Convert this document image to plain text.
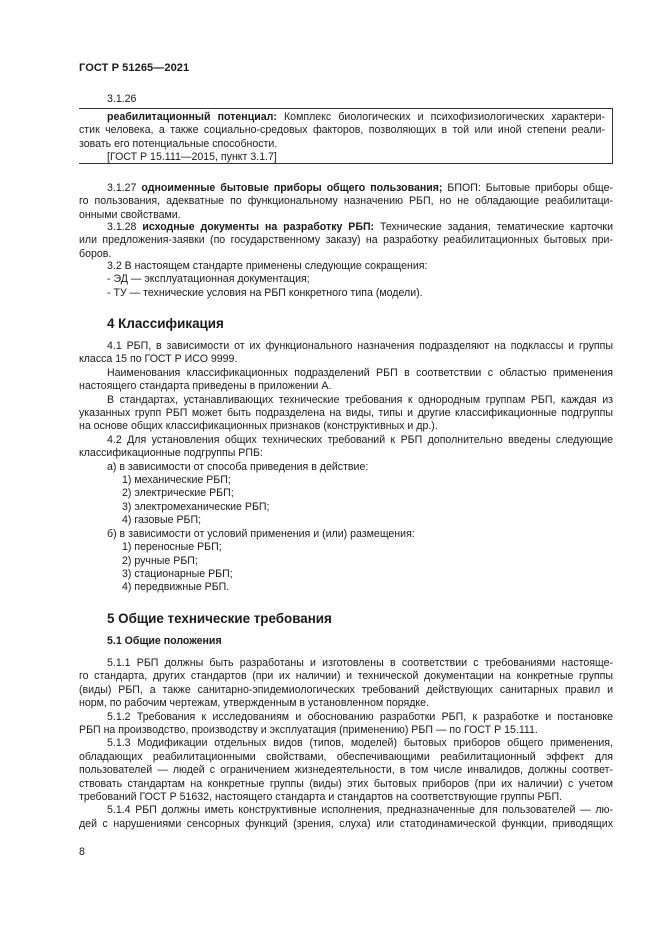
ГОСТ Р 51265—2021
3.1.26
реабилитационный потенциал: Комплекс биологических и психофизиологических характери-
стик человека, а также социально-средовых факторов, позволяющих в той или иной степени реали-
зовать его потенциальные способности.
[ГОСТ Р 15.111—2015, пункт 3.1.7]
3.1.27 одноименные бытовые приборы общего пользования; БПОП: Бытовые приборы обще-
го пользования, адекватные по функциональному назначению РБП, но не обладающие реабилитаци-
онными свойствами.
3.1.28 исходные документы на разработку РБП: Технические задания, тематические карточки
или предложения-заявки (по государственному заказу) на разработку реабилитационных бытовых при-
боров.
3.2 В настоящем стандарте применены следующие сокращения:
- ЭД — эксплуатационная документация;
- ТУ — технические условия на РБП конкретного типа (модели).
4 Классификация
4.1 РБП, в зависимости от их функционального назначения подразделяют на подклассы и группы
класса 15 по ГОСТ Р ИСО 9999.
Наименования классификационных подразделений РБП в соответствии с областью применения
настоящего стандарта приведены в приложении А.
В стандартах, устанавливающих технические требования к однородным группам РБП, каждая из
указанных групп РБП может быть подразделена на виды, типы и другие классификационные подгруппы
на основе общих классификационных признаков (конструктивных и др.).
4.2 Для установления общих технических требований к РБП дополнительно введены следующие
классификационные подгруппы РПБ:
а) в зависимости от способа приведения в действие:
1) механические РБП;
2) электрические РБП;
3) электромеханические РБП;
4) газовые РБП;
б) в зависимости от условий применения и (или) размещения:
1) переносные РБП;
2) ручные РБП;
3) стационарные РБП;
4) передвижные РБП.
5 Общие технические требования
5.1 Общие положения
5.1.1 РБП должны быть разработаны и изготовлены в соответствии с требованиями настояще-
го стандарта, других стандартов (при их наличии) и технической документации на конкретные группы
(виды) РБП, а также санитарно-эпидемиологических требований действующих санитарных правил и
норм, по рабочим чертежам, утвержденным в установленном порядке.
5.1.2 Требования к исследованиям и обоснованию разработки РБП, к разработке и постановке
РБП на производство, производству и эксплуатация (применению) РБП — по ГОСТ Р 15.111.
5.1.3 Модификации отдельных видов (типов, моделей) бытовых приборов общего применения,
обладающих реабилитационными свойствами, обеспечивающими реабилитационный эффект для
пользователей — людей с ограничением жизнедеятельности, в том числе инвалидов, должны соответ-
ствовать стандартам на конкретные группы (виды) этих бытовых приборов (при их наличии) с учетом
требований ГОСТ Р 51632, настоящего стандарта и стандартов на соответствующие группы РБП.
5.1.4 РБП должны иметь конструктивные исполнения, предназначенные для пользователей — лю-
дей с нарушениями сенсорных функций (зрения, слуха) или статодинамической функции, приводящих
8
